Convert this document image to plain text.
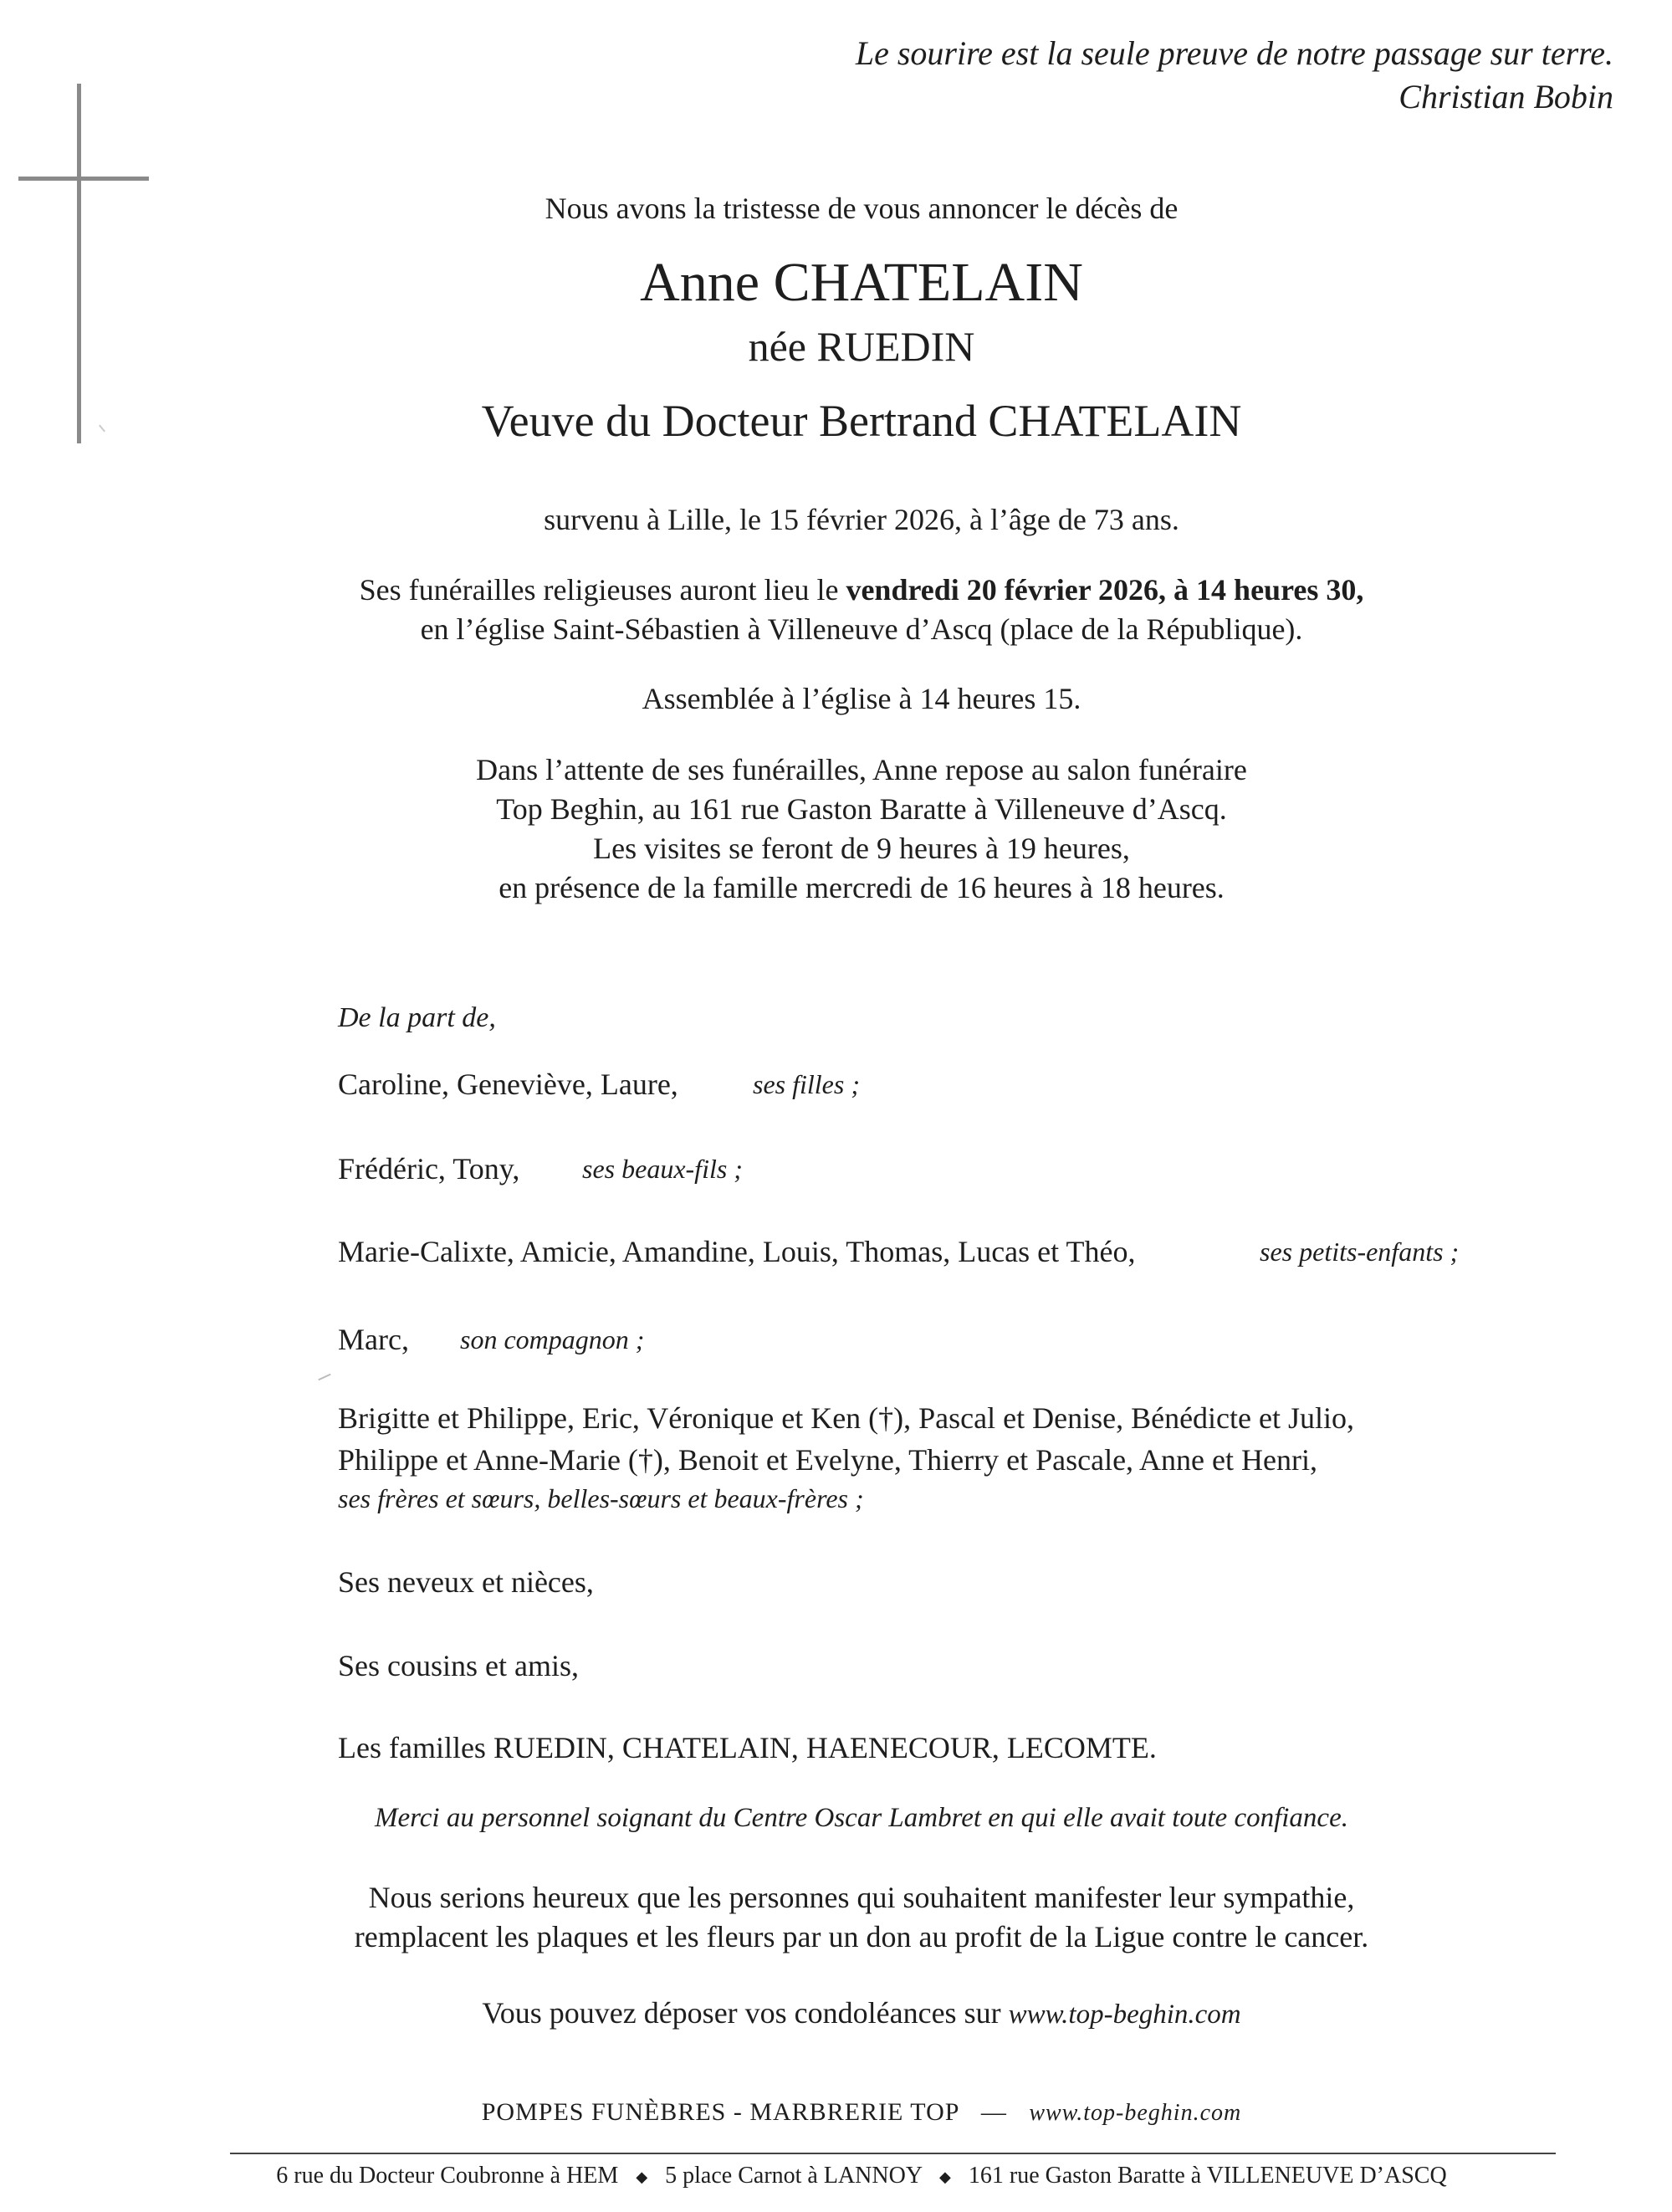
Le sourire est la seule preuve de notre passage sur terre.
Christian Bobin
Nous avons la tristesse de vous annoncer le décès de
Anne CHATELAIN
née RUEDIN
Veuve du Docteur Bertrand CHATELAIN
survenu à Lille, le 15 février 2026, à l’âge de 73 ans.
Ses funérailles religieuses auront lieu le vendredi 20 février 2026, à 14 heures 30,
en l’église Saint-Sébastien à Villeneuve d’Ascq (place de la République).
Assemblée à l’église à 14 heures 15.
Dans l’attente de ses funérailles, Anne repose au salon funéraire
Top Beghin, au 161 rue Gaston Baratte à Villeneuve d’Ascq.
Les visites se feront de 9 heures à 19 heures,
en présence de la famille mercredi de 16 heures à 18 heures.
De la part de,
Caroline, Geneviève, Laure,	ses filles ;
Frédéric, Tony, ses beaux-fils ;
Marie-Calixte, Amicie, Amandine, Louis, Thomas, Lucas et Théo,	ses petits-enfants ;
Marc, son compagnon ;
Brigitte et Philippe, Eric, Véronique et Ken (†), Pascal et Denise, Bénédicte et Julio,
Philippe et Anne-Marie (†), Benoit et Evelyne, Thierry et Pascale, Anne et Henri,
ses frères et sœurs, belles-sœurs et beaux-frères ;
Ses neveux et nièces,
Ses cousins et amis,
Les familles RUEDIN, CHATELAIN, HAENECOUR, LECOMTE.
Merci au personnel soignant du Centre Oscar Lambret en qui elle avait toute confiance.
Nous serions heureux que les personnes qui souhaitent manifester leur sympathie,
remplacent les plaques et les fleurs par un don au profit de la Ligue contre le cancer.
Vous pouvez déposer vos condoléances sur www.top-beghin.com
POMPES FUNÈBRES - MARBRERIE TOP — www.top-beghin.com
6 rue du Docteur Coubronne à HEM ◆ 5 place Carnot à LANNOY ◆ 161 rue Gaston Baratte à VILLENEUVE D’ASCQ
